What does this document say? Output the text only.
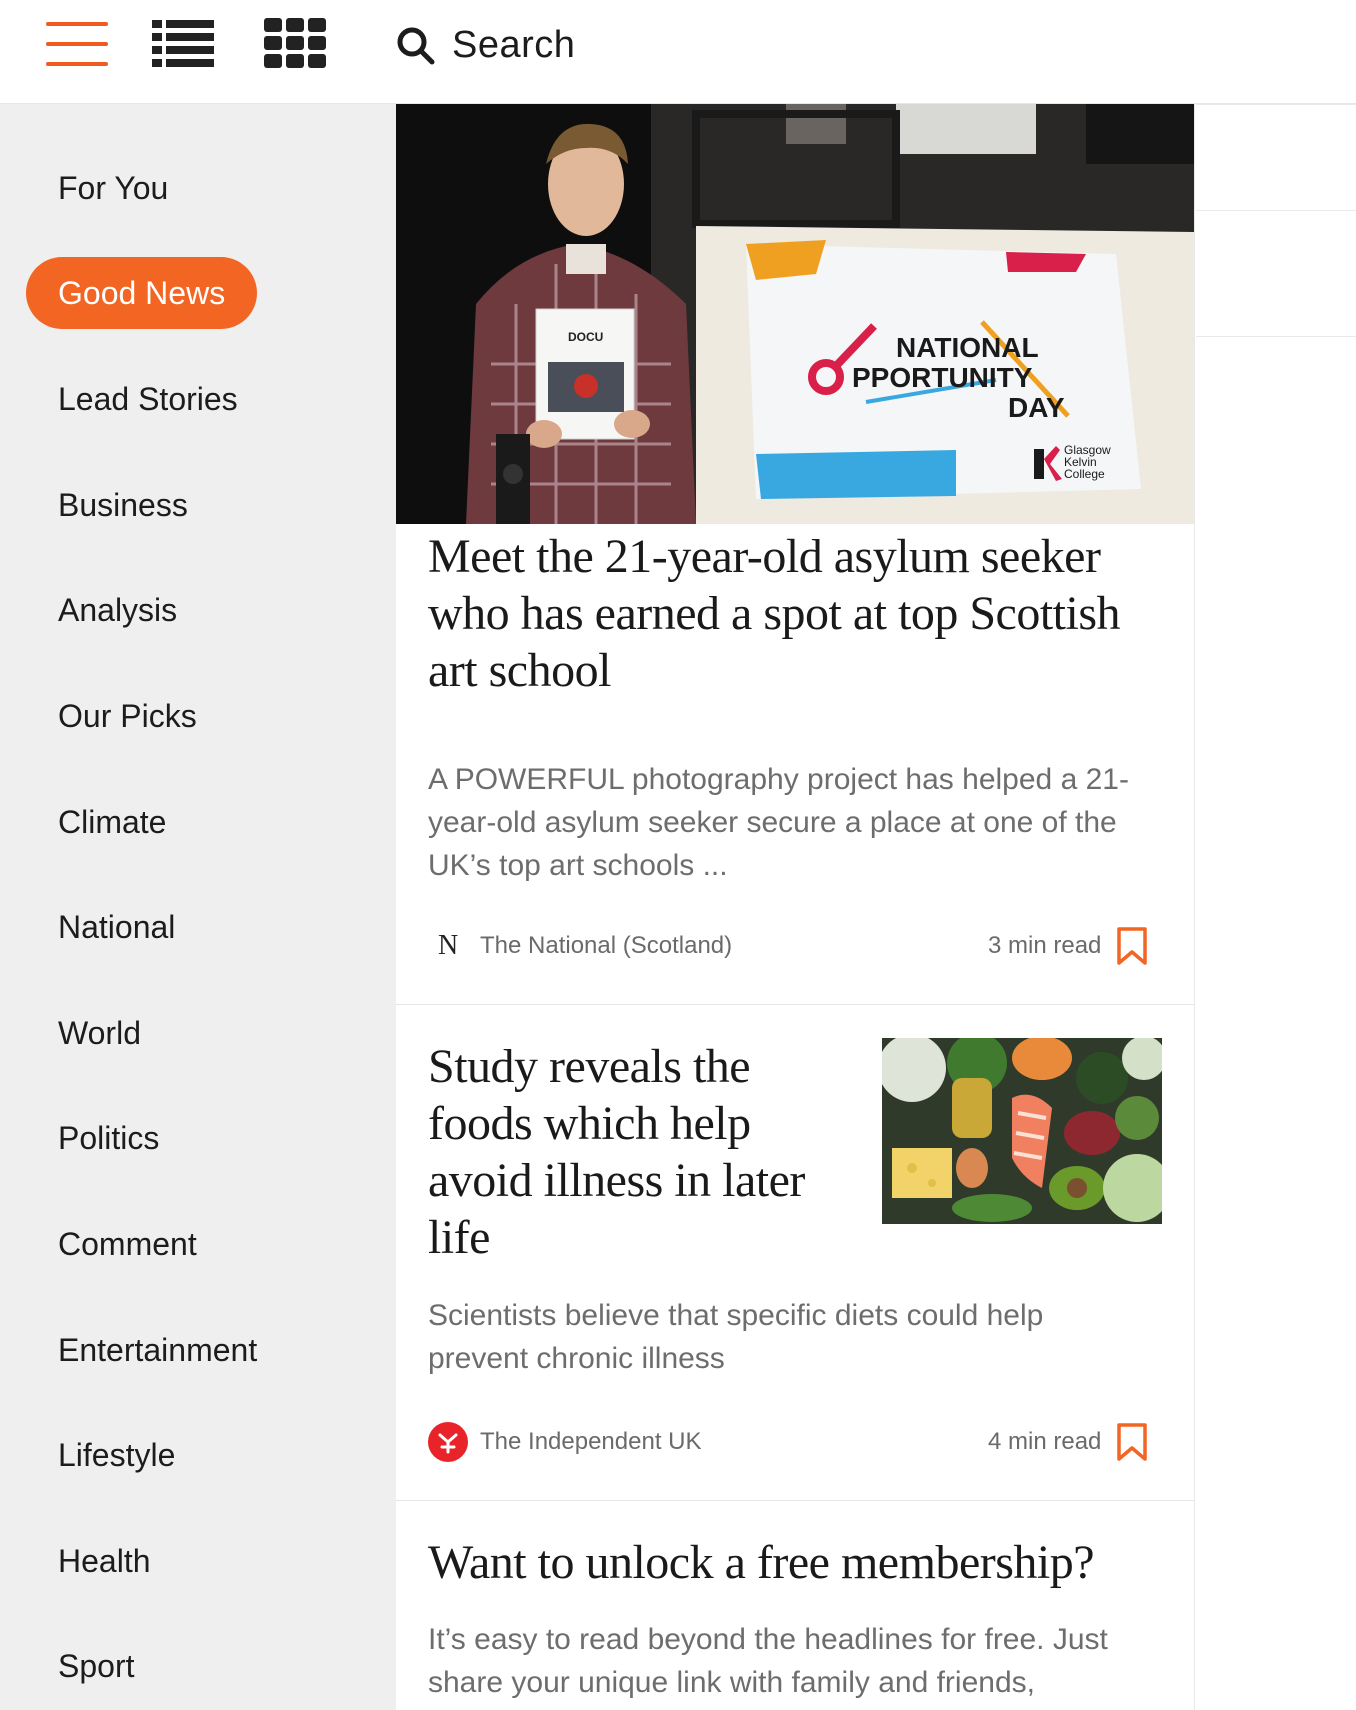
Search
For You
Good News
Lead Stories
Business
Analysis
Our Picks
Climate
National
World
Politics
Comment
Entertainment
Lifestyle
Health
Sport
NATIONAL
PPORTUNITY
DAY
Glasgow
Kelvin
College
DOCU
Meet the 21-year-old asylum seeker who has earned a spot at top Scottish art school
A POWERFUL photography project has helped a 21-year-old asylum seeker secure a place at one of the UK’s top art schools ...
N The National (Scotland)	3 min read
Study reveals the foods which help avoid illness in later life
Scientists believe that specific diets could help prevent chronic illness
The Independent UK	4 min read
Want to unlock a free membership?
It’s easy to read beyond the headlines for free. Just share your unique link with family and friends,
